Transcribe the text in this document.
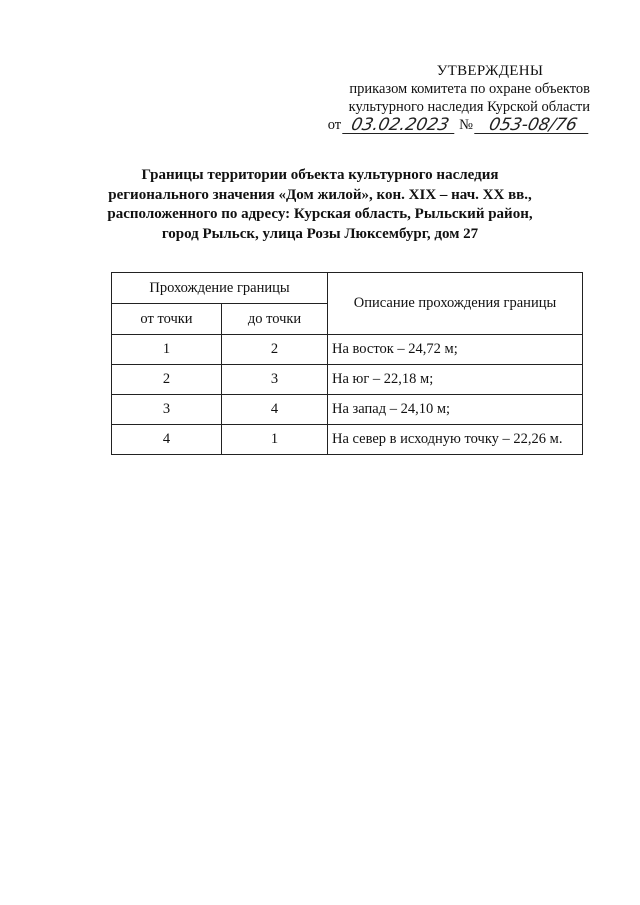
УТВЕРЖДЕНЫ
приказом комитета по охране объектов
культурного наследия Курской области
от 03.02.2023 № 053-08/76
Границы территории объекта культурного наследия
регионального значения «Дом жилой», кон. XIX – нач. XX вв.,
расположенного по адресу: Курская область, Рыльский район,
город Рыльск, улица Розы Люксембург, дом 27
Прохождение границы		Описание прохождения границы
от точки	до точки	
1	2	На восток – 24,72 м;
2	3	На юг – 22,18 м;
3	4	На запад – 24,10 м;
4	1	На север в исходную точку – 22,26 м.
